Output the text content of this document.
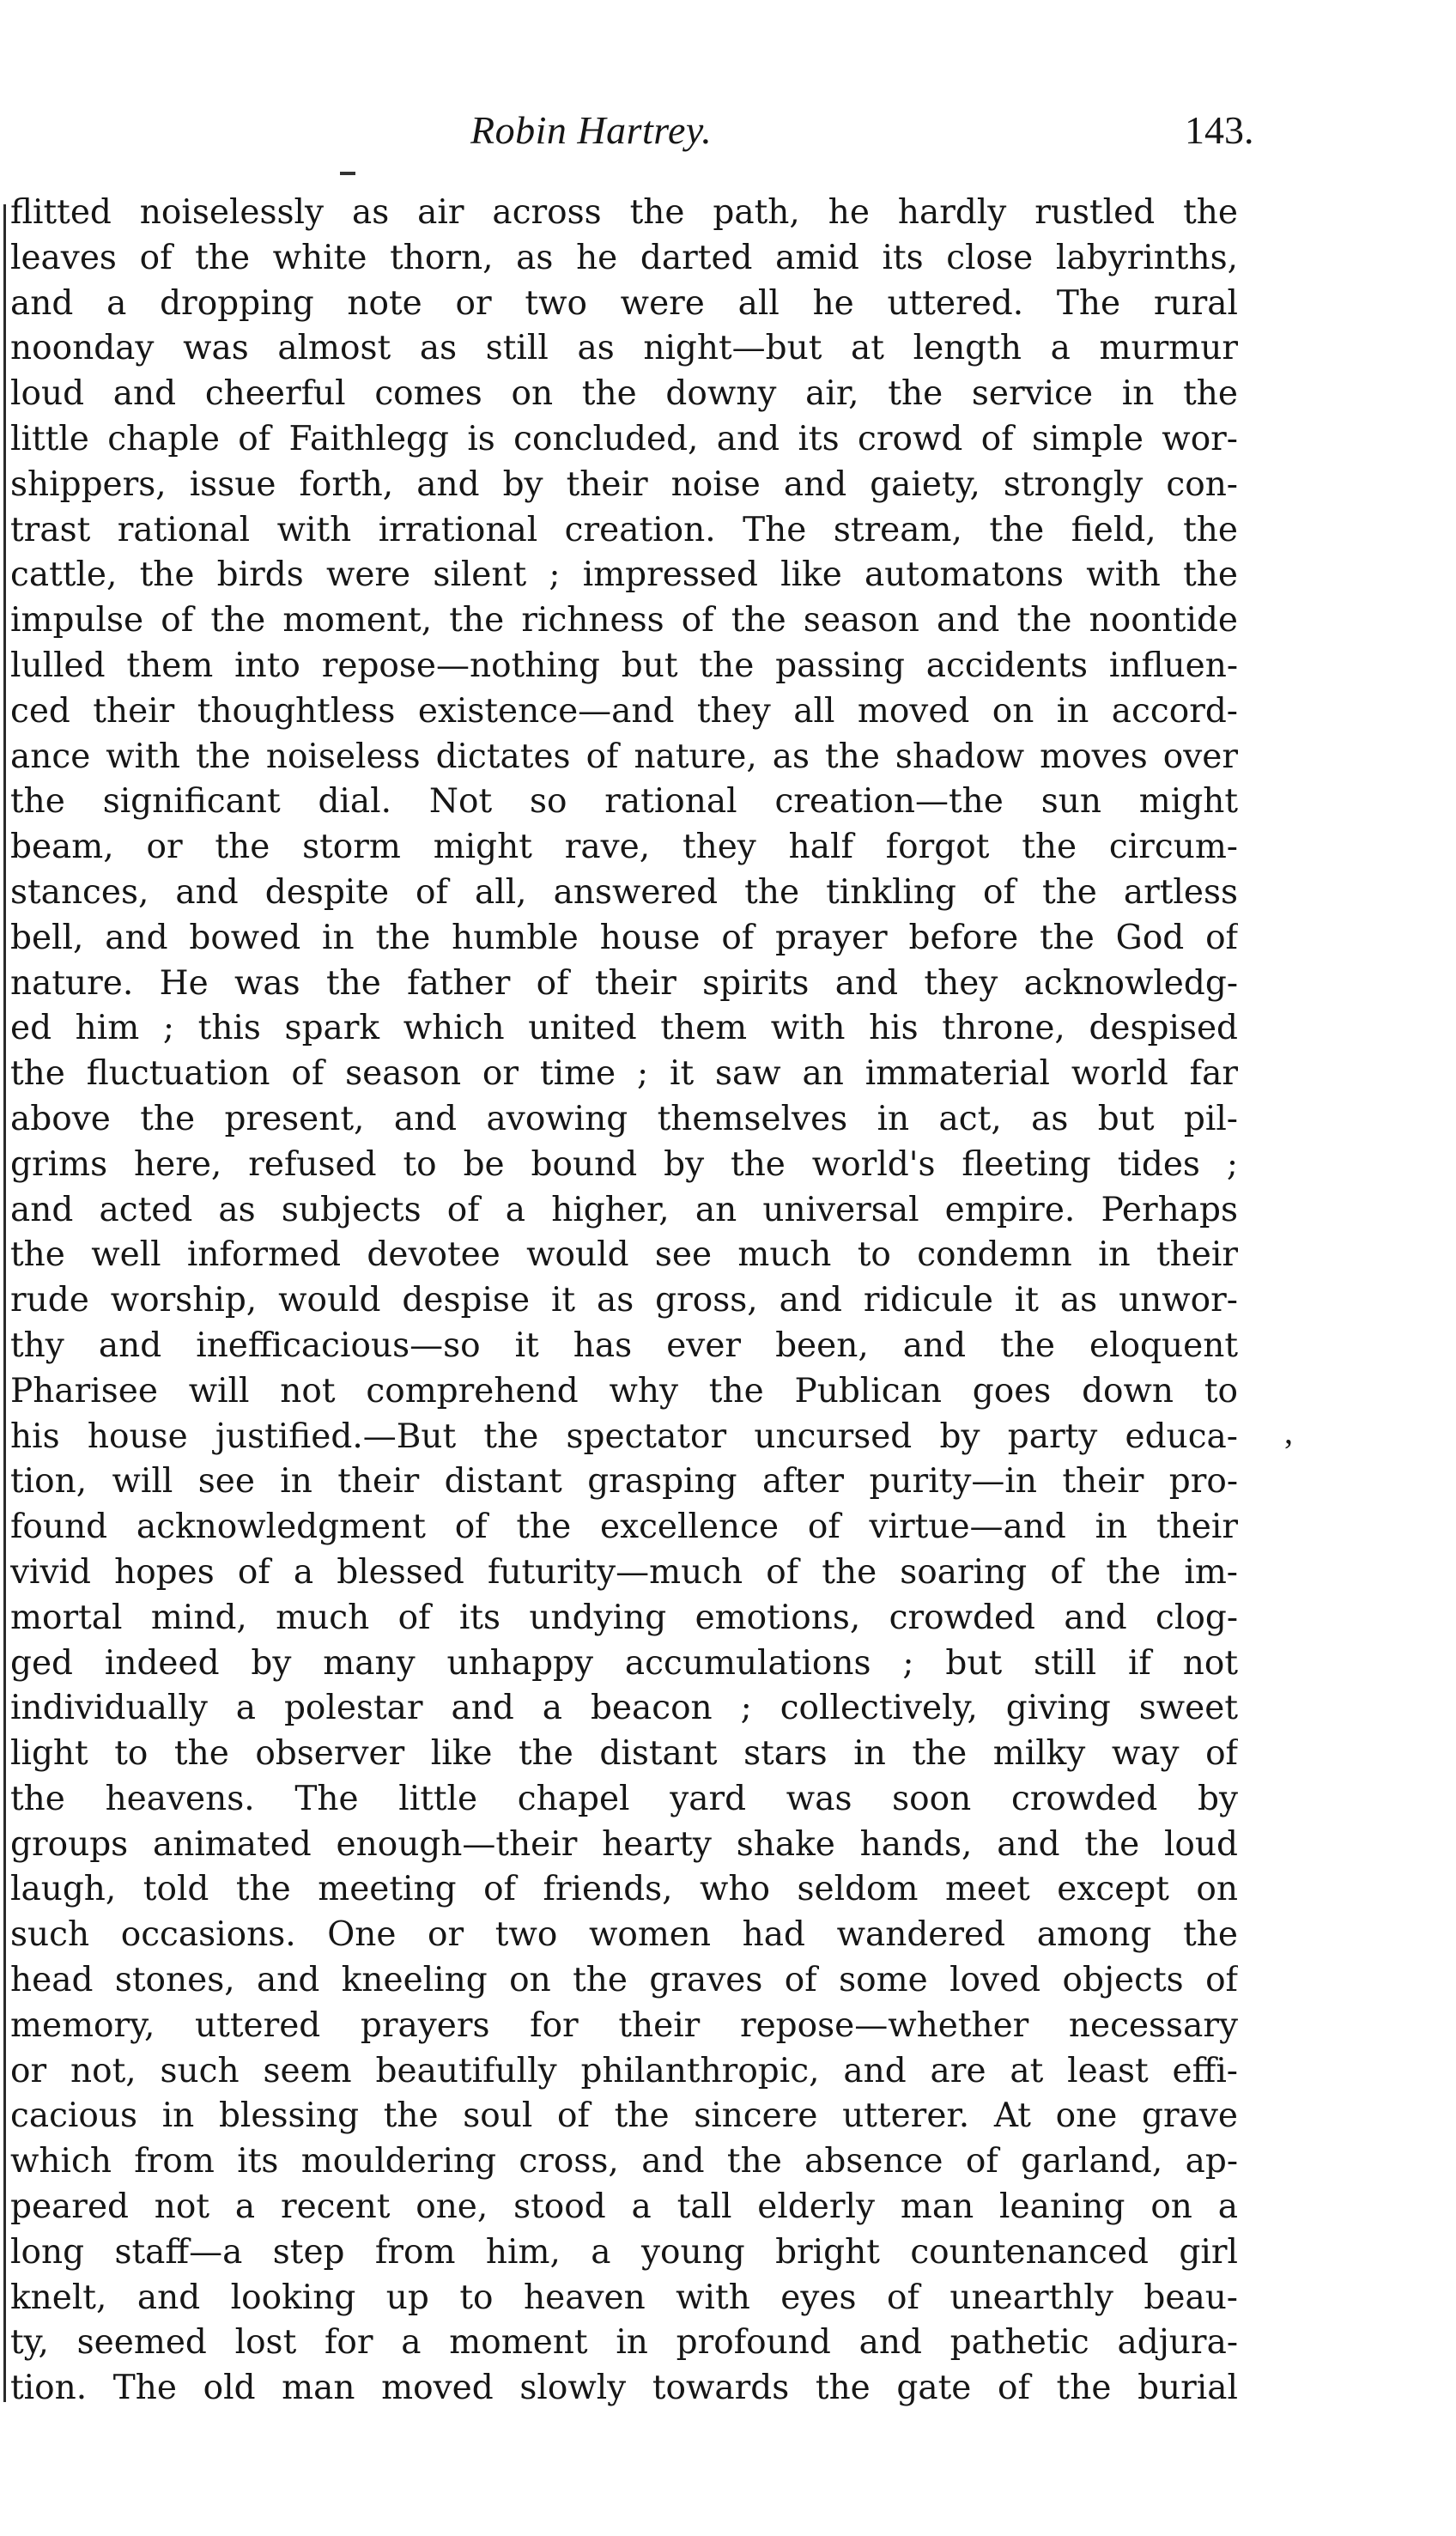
Robin Hartrey.	143.
flitted noiselessly as air across the path, he hardly rustled the
leaves of the white thorn, as he darted amid its close labyrinths,
and a dropping note or two were all he uttered. The rural
noonday was almost as still as night—but at length a murmur
loud and cheerful comes on the downy air, the service in the
little chaple of Faithlegg is concluded, and its crowd of simple wor-
shippers, issue forth, and by their noise and gaiety, strongly con-
trast rational with irrational creation. The stream, the field, the
cattle, the birds were silent ; impressed like automatons with the
impulse of the moment, the richness of the season and the noontide
lulled them into repose—nothing but the passing accidents influen-
ced their thoughtless existence—and they all moved on in accord-
ance with the noiseless dictates of nature, as the shadow moves over
the significant dial. Not so rational creation—the sun might
beam, or the storm might rave, they half forgot the circum-
stances, and despite of all, answered the tinkling of the artless
bell, and bowed in the humble house of prayer before the God of
nature. He was the father of their spirits and they acknowledg-
ed him ; this spark which united them with his throne, despised
the fluctuation of season or time ; it saw an immaterial world far
above the present, and avowing themselves in act, as but pil-
grims here, refused to be bound by the world's fleeting tides ;
and acted as subjects of a higher, an universal empire. Perhaps
the well informed devotee would see much to condemn in their
rude worship, would despise it as gross, and ridicule it as unwor-
thy and inefficacious—so it has ever been, and the eloquent
Pharisee will not comprehend why the Publican goes down to
his house justified.—But the spectator uncursed by party educa-
tion, will see in their distant grasping after purity—in their pro-
found acknowledgment of the excellence of virtue—and in their
vivid hopes of a blessed futurity—much of the soaring of the im-
mortal mind, much of its undying emotions, crowded and clog-
ged indeed by many unhappy accumulations ; but still if not
individually a polestar and a beacon ; collectively, giving sweet
light to the observer like the distant stars in the milky way of
the heavens. The little chapel yard was soon crowded by
groups animated enough—their hearty shake hands, and the loud
laugh, told the meeting of friends, who seldom meet except on
such occasions. One or two women had wandered among the
head stones, and kneeling on the graves of some loved objects of
memory, uttered prayers for their repose—whether necessary
or not, such seem beautifully philanthropic, and are at least effi-
cacious in blessing the soul of the sincere utterer. At one grave
which from its mouldering cross, and the absence of garland, ap-
peared not a recent one, stood a tall elderly man leaning on a
long staff—a step from him, a young bright countenanced girl
knelt, and looking up to heaven with eyes of unearthly beau-
ty, seemed lost for a moment in profound and pathetic adjura-
tion. The old man moved slowly towards the gate of the burial
,
